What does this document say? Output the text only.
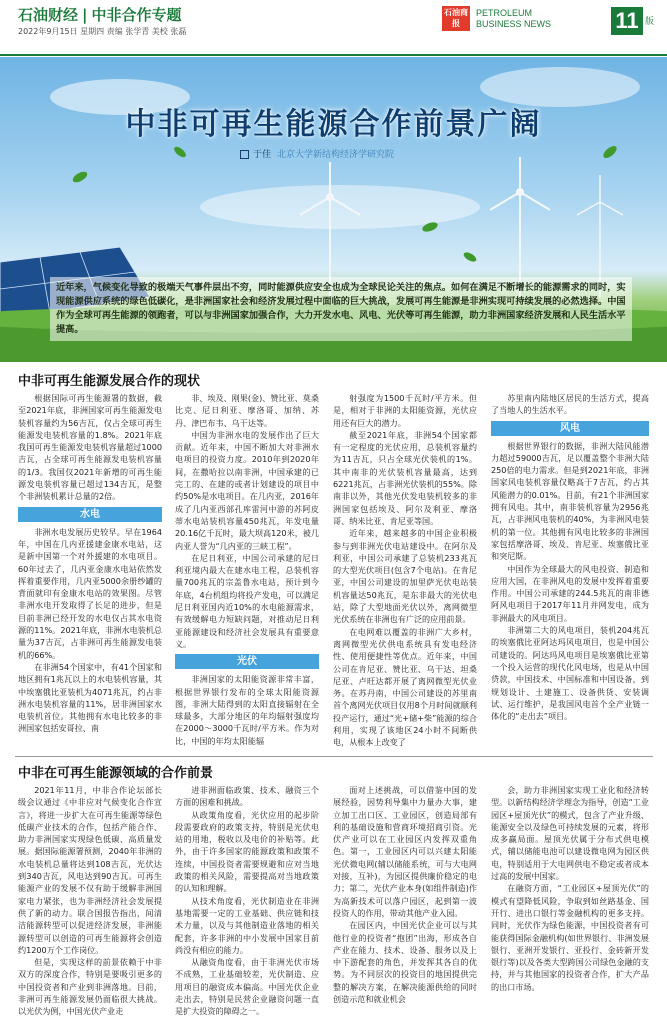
石油财经 | 中非合作专题
2022年9月15日 星期四 责编 张学青 美校 张磊
石油商报
PETROLEUM
BUSINESS NEWS	11 版
中非可再生能源合作前景广阔
于佳 北京大学新结构经济学研究院
近年来，气候变化导致的极端天气事件层出不穷，同时能源供应安全也成为全球民论关注的焦点。如何在满足不断增长的能源需求的同时，实现能源供应系统的绿色低碳化，是非洲国家社会和经济发展过程中面临的巨大挑战，发展可再生能源是非洲实现可持续发展的必然选择。中国作为全球可再生能源的领跑者，可以与非洲国家加强合作，大力开发水电、风电、光伏等可再生能源，助力非洲国家经济发展和人民生活水平提高。
中非可再生能源发展合作的现状

根据国际可再生能源署的数据，截至2021年底，非洲国家可再生能源发电装机容量约为56吉瓦，仅占全球可再生能源发电装机容量的1.8%。2021年底我国可再生能源发电装机容量超过1000吉瓦，占全球可再生能源发电装机容量的1/3。我国仅2021年新增的可再生能源发电装机容量已超过134吉瓦，是整个非洲装机累计总量的2倍。

水电

非洲水电发展历史较早。早在1964年，中国在几内亚援建金康水电站，这是新中国第一个对外援建的水电项目。60年过去了，几内亚金康水电站依然发挥着重要作用，几内亚5000余册纱罐的背面就印有金康水电站的效果图。尽管非洲水电开发取得了长足的进步，但是目前非洲已经开发的水电仅占其水电资源的11%。2021年底，非洲水电装机总量为37吉瓦，占非洲可再生能源发电装机的66%。

在非洲54个国家中，有41个国家和地区拥有1兆瓦以上的水电装机容量，其中埃塞俄比亚装机为4071兆瓦，约占非洲水电装机容量的11%，居非洲国家水电装机首位。其他拥有水电比较多的非洲国家包括安哥拉、南

非、埃及、刚果(金)、赞比亚、莫桑比克、尼日利亚、摩洛哥、加纳、苏丹、津巴布韦、乌干达等。

中国为非洲水电的发展作出了巨大贡献。近年来，中国不断加大对非洲水电项目的投资力度。2010年到2020年间，在撒哈拉以南非洲，中国承建的已完工的、在建的或者计划建设的项目中约50%是水电项目。在几内亚，2016年成了几内亚西部孔库雷河中游的苏阿皮蒂水电站装机容量450兆瓦，年发电量20.16亿千瓦时，最大坝高120米，被几内亚人誉为“几内亚的三峡工程”。

在尼日利亚，中国公司承建的尼日利亚境内最大在建水电工程，总装机容量700兆瓦的宗盖鲁水电站，预计到今年底，4台机组均将投产发电，可以满足尼日利亚国内近10%的水电能源需求，有效缓解电力短缺问题，对推动尼日利亚能源建设和经济社会发展具有重要意义。

光伏

非洲国家的太阳能资源非常丰富，根据世界银行发布的全球太阳能资源图，非洲大陆得到的太阳直接辐射在全球最多，大部分地区的年均辐射强度均在2000～3000千瓦时/平方米。作为对比，中国的年均太阳能辐

射强度为1500千瓦时/平方米。但是，相对于非洲的太阳能资源，光伏应用还有巨大的潜力。

截至2021年底，非洲54个国家都有一定程度的光伏应用，总装机容量约为11吉瓦，只占全球光伏装机的1%。其中南非的光伏装机容量最高，达到6221兆瓦，占非洲光伏装机的55%。除南非以外，其他光伏发电装机较多的非洲国家包括埃及、阿尔及利亚、摩洛哥、纳米比亚、肯尼亚等国。

近年来，越来越多的中国企业积极参与到非洲光伏电站建设中。在阿尔及利亚，中国公司承建了总装机233兆瓦的大型光伏项目(包含7个电站)。在肯尼亚，中国公司建设的加里萨光伏电站装机容量达50兆瓦，是东非最大的光伏电站，除了大型地面光伏以外，离网微型光伏系统在非洲也有广泛的应用前景。

在电网难以覆盖的非洲广大乡村，离网微型光伏供电系统具有发电经济性、使用便捷性等优点。近年来，中国公司在肯尼亚、赞比亚、乌干达、坦桑尼亚、卢旺达都开展了离网微型光伏业务。在苏丹南，中国公司建设的苏里南首个离网光伏项目仅用8个月时间就顺利投产运行，通过“光+储+柴”能源的综合利用，实现了该地区24小时不间断供电，从根本上改变了

苏里南内陆地区居民的生活方式，提高了当地人的生活水平。

风电

根据世界银行的数据，非洲大陆风能潜力超过59000吉瓦，足以覆盖整个非洲大陆250倍的电力需求。但是到2021年底，非洲国家风电装机容量仅略高于7吉瓦，约占其风能潜力的0.01%。目前，有21个非洲国家拥有风电。其中，南非装机容量为2956兆瓦，占非洲风电装机的40%，为非洲风电装机的第一位。其他拥有风电比较多的非洲国家包括摩洛哥、埃及、肯尼亚、埃塞俄比亚和突尼斯。

中国作为全球最大的风电投资、制造和应用大国，在非洲风电的发展中发挥着重要作用。中国公司承建的244.5兆瓦的南非德阿风电项目于2017年11月并网发电，成为非洲最大的风电项目。

非洲第二大的风电项目，装机204兆瓦的埃塞俄比亚阿达玛风电项目，也是中国公司建设的。阿达玛风电项目是埃塞俄比亚第一个投入运营的现代化风电场，也是从中国贷款，中国技术、中国标准和中国设备，到规划设计、土建施工、设备供货、安装调试、运行维护，是我国风电首个全产业链一体化的“走出去”项目。

中非在可再生能源领域的合作前景

2021年11月，中非合作论坛部长级会议通过《中非应对气候变化合作宣言》，将进一步扩大在可再生能源等绿色低碳产业技术的合作，包括产能合作、助力非洲国家实现绿色低碳、高质量发展。据国际能源署预测，2040年非洲的水电装机总量将达到108吉瓦，光伏达到340吉瓦，风电达到90吉瓦。可再生能源产业的发展不仅有助于缓解非洲国家电力紧张，也为非洲经济社会发展提供了新的动力。联合国报告指出，间清洁能源转型可以促进经济发展，非洲能源转型可以创造的可再生能源将会创造约1200万个工作岗位。

但是，实现这样的前景依赖于中非双方的深度合作，特别是要吸引更多的中国投资者和产业到非洲落地。目前，非洲可再生能源发展仍面临很大挑战。以光伏为例，中国光伏产业走

进非洲面临政策、技术、融资三个方面的困难和挑战。

从政策角度看，光伏应用的起步阶段需要政府的政策支持，特别是光伏电站的用地，税收以及电价的补贴等。此外，由于许多国家的能源政策和政策不连续，中国投资者需要规避和应对当地政策的相关风险，需要提高对当地政策的认知和理解。

从技术角度看，光伏制造业在非洲基地需要一定的工业基础、供应链和技术力量，以及与其他制造业落地的相关配套，许多非洲的中小发展中国家目前尚没有相应的能力。

从融资角度看，由于非洲光伏市场不成熟，工业基础较差，光伏制造、应用项目的融资成本偏高。中国光伏企业走出去，特别是民营企业融资问题一直是扩大投资的障碍之一。

面对上述挑战，可以借鉴中国的发展经验，因势利导集中力量办大事，建立加工出口区、工业园区，创造局部有利的基础设施和营商环境招商引资。光伏产业可以在工业园区内发挥双重角色。第一，工业园区内可以兴建太阳能光伏微电网(辅以储能系统，可与大电网对接，互补)，为园区提供廉价稳定的电力；第二，光伏产业本身(如组件制造)作为高新技术可以落户园区，起到第一波投资人的作用，带动其他产业入园。

在园区内，中国光伏企业可以与其他行业的投资者“抱团”出海，形成各自产业在能力、技术、设备、服务以及上中下游配套的角色，并发挥其各自的优势。为不同层次的投资目的地国提供完整的解决方案，在解决能源供给的同时创造示范和就业机会

会，助力非洲国家实现工业化和经济转型。以新结构经济学理念为指导，创造“工业园区+屋顶光伏”的模式，包含了产业升级、能源安全以及绿色可持续发展的元素，将形成多赢局面。屋顶光伏属于分布式供电模式，辅以储能电池可以建设微电网为园区供电，特别适用于大电网供电不稳定或者成本过高的发展中国家。

在融资方面，“工业园区+屋顶光伏”的模式有望降低风险，争取到如丝路基金、国开行、进出口银行等金融机构的更多支持。同时，光伏作为绿色能源，中国投资者有可能获得国际金融机构(如世界银行、非洲发展银行、亚洲开发银行、亚投行、金砖新开发银行等)以及各类大型跨国公司绿色金融的支持，并与其他国家的投资者合作，扩大产品的出口市场。
